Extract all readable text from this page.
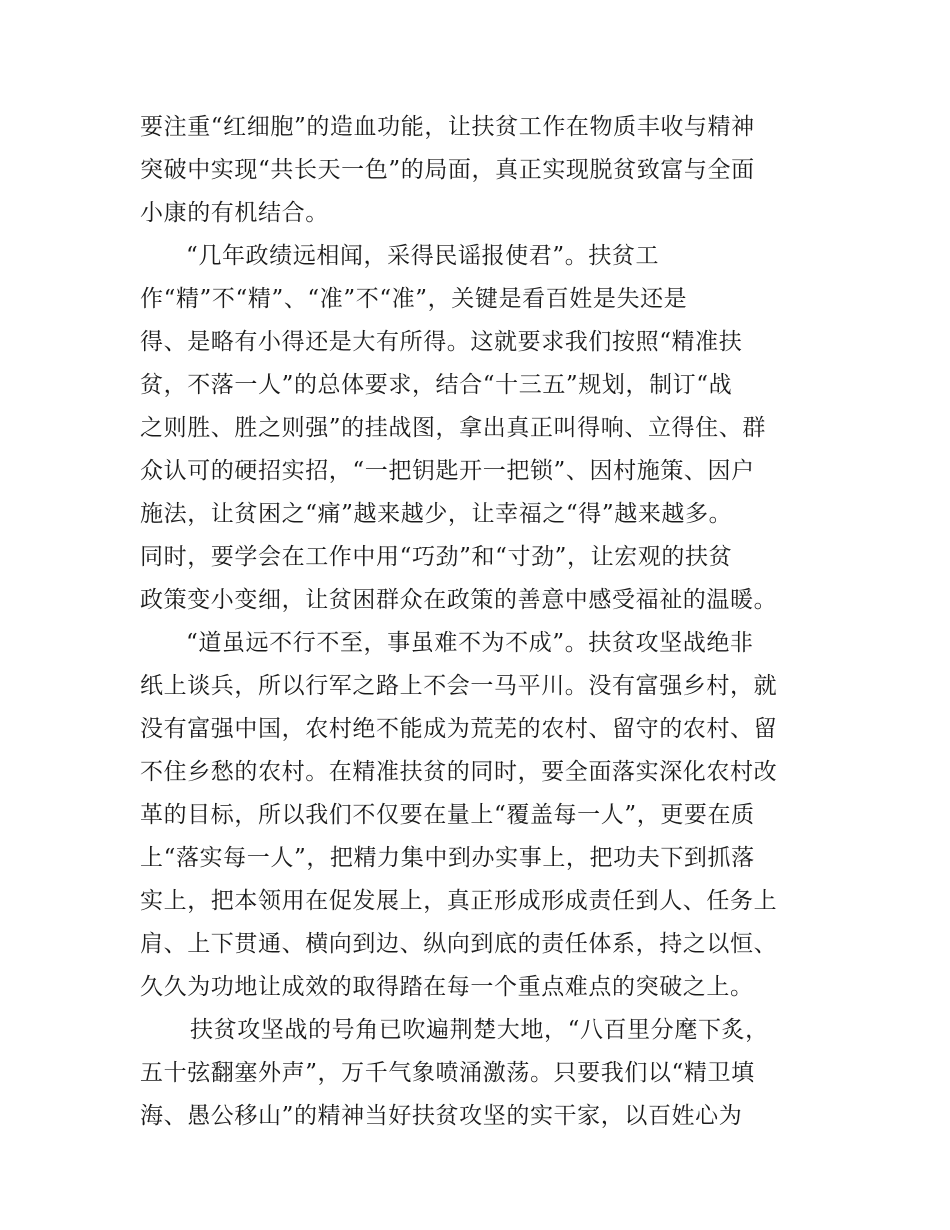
要注重“红细胞”的造血功能，让扶贫工作在物质丰收与精神
突破中实现“共长天一色”的局面，真正实现脱贫致富与全面
小康的有机结合。
“几年政绩远相闻，采得民谣报使君”。扶贫工
作“精”不“精”、“准”不“准”，关键是看百姓是失还是
得、是略有小得还是大有所得。这就要求我们按照“精准扶
贫，不落一人”的总体要求，结合“十三五”规划，制订“战
之则胜、胜之则强”的挂战图，拿出真正叫得响、立得住、群
众认可的硬招实招，“一把钥匙开一把锁”、因村施策、因户
施法，让贫困之“痛”越来越少，让幸福之“得”越来越多。
同时，要学会在工作中用“巧劲”和“寸劲”，让宏观的扶贫
政策变小变细，让贫困群众在政策的善意中感受福祉的温暖。
“道虽远不行不至，事虽难不为不成”。扶贫攻坚战绝非
纸上谈兵，所以行军之路上不会一马平川。没有富强乡村，就
没有富强中国，农村绝不能成为荒芜的农村、留守的农村、留
不住乡愁的农村。在精准扶贫的同时，要全面落实深化农村改
革的目标，所以我们不仅要在量上“覆盖每一人”，更要在质
上“落实每一人”，把精力集中到办实事上，把功夫下到抓落
实上，把本领用在促发展上，真正形成形成责任到人、任务上
肩、上下贯通、横向到边、纵向到底的责任体系，持之以恒、
久久为功地让成效的取得踏在每一个重点难点的突破之上。
扶贫攻坚战的号角已吹遍荆楚大地，“八百里分麾下炙，
五十弦翻塞外声”，万千气象喷涌激荡。只要我们以“精卫填
海、愚公移山”的精神当好扶贫攻坚的实干家，以百姓心为
